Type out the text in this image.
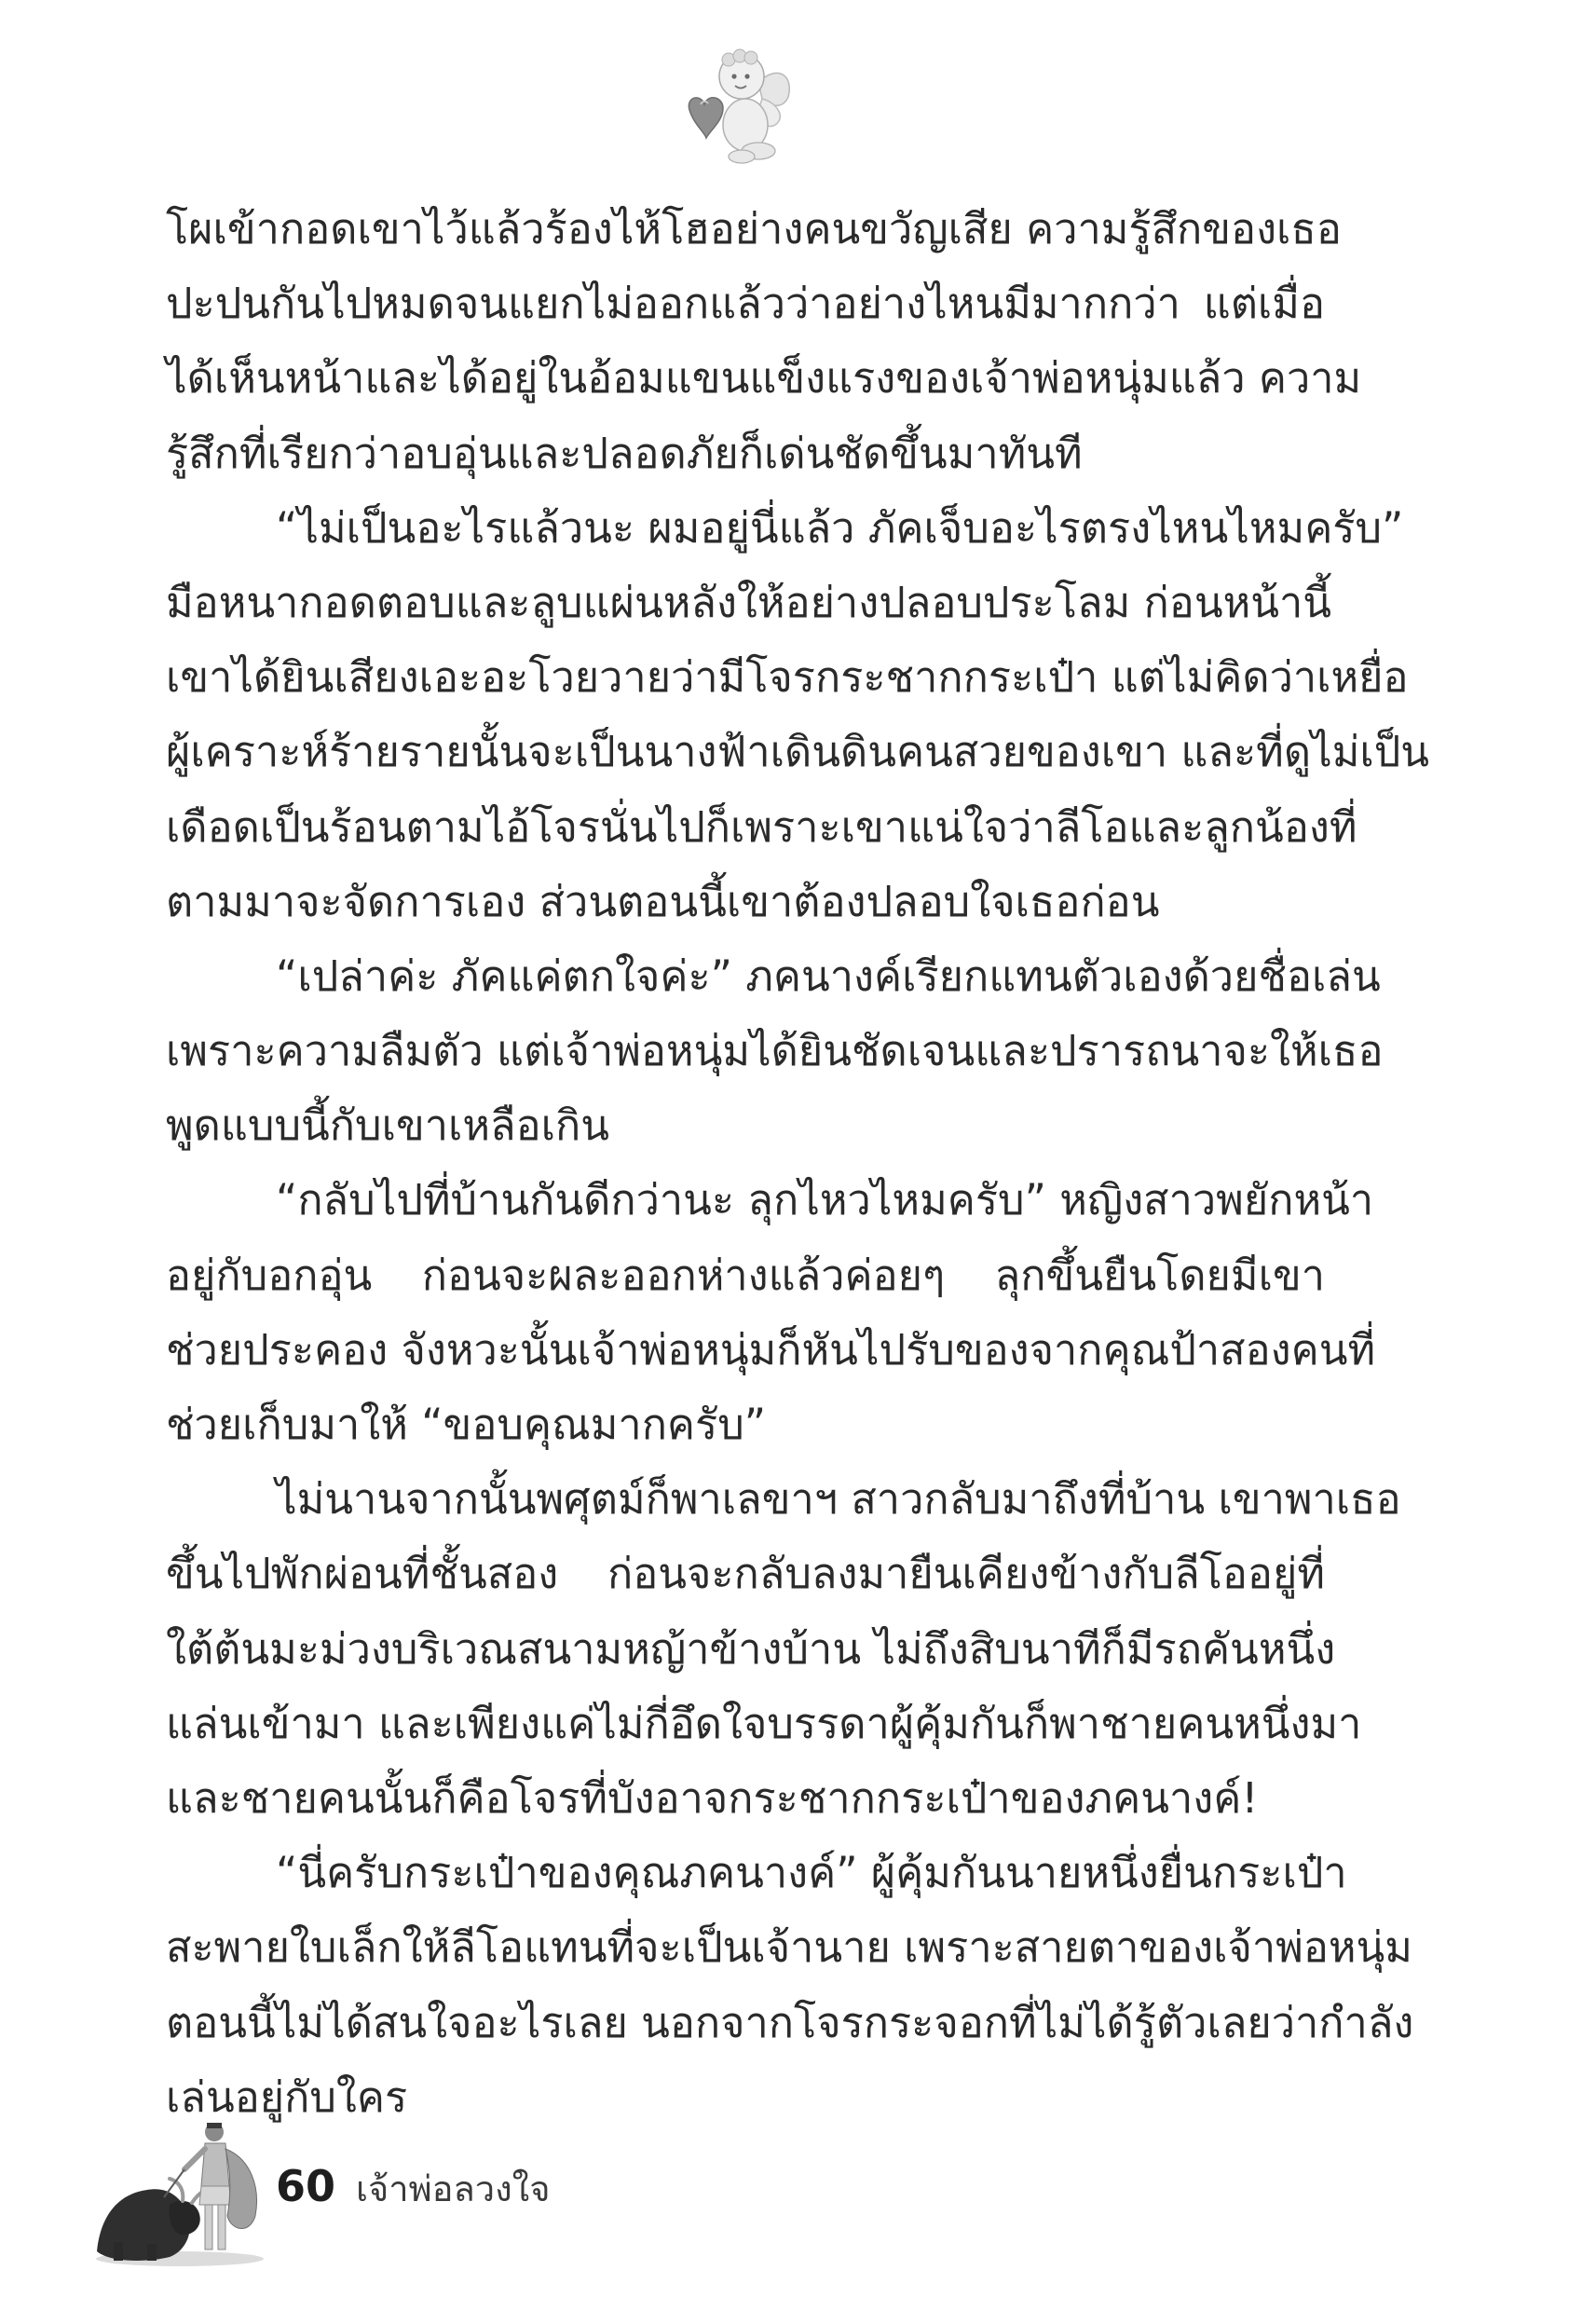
โผเข้ากอดเขาไว้แล้วร้องไห้โฮอย่างคนขวัญเสีย ความรู้สึกของเธอ
ปะปนกันไปหมดจนแยกไม่ออกแล้วว่าอย่างไหนมีมากกว่า แต่เมื่อ
ได้เห็นหน้าและได้อยู่ในอ้อมแขนแข็งแรงของเจ้าพ่อหนุ่มแล้ว ความ
รู้สึกที่เรียกว่าอบอุ่นและปลอดภัยก็เด่นชัดขึ้นมาทันที
“ไม่เป็นอะไรแล้วนะ ผมอยู่นี่แล้ว ภัคเจ็บอะไรตรงไหนไหมครับ”
มือหนากอดตอบและลูบแผ่นหลังให้อย่างปลอบประโลม ก่อนหน้านี้
เขาได้ยินเสียงเอะอะโวยวายว่ามีโจรกระชากกระเป๋า แต่ไม่คิดว่าเหยื่อ
ผู้เคราะห์ร้ายรายนั้นจะเป็นนางฟ้าเดินดินคนสวยของเขา และที่ดูไม่เป็น
เดือดเป็นร้อนตามไอ้โจรนั่นไปก็เพราะเขาแน่ใจว่าลีโอและลูกน้องที่
ตามมาจะจัดการเอง ส่วนตอนนี้เขาต้องปลอบใจเธอก่อน
“เปล่าค่ะ ภัคแค่ตกใจค่ะ” ภคนางค์เรียกแทนตัวเองด้วยชื่อเล่น
เพราะความลืมตัว แต่เจ้าพ่อหนุ่มได้ยินชัดเจนและปรารถนาจะให้เธอ
พูดแบบนี้กับเขาเหลือเกิน
“กลับไปที่บ้านกันดีกว่านะ ลุกไหวไหมครับ” หญิงสาวพยักหน้า
อยู่กับอกอุ่น ก่อนจะผละออกห่างแล้วค่อยๆ ลุกขึ้นยืนโดยมีเขา
ช่วยประคอง จังหวะนั้นเจ้าพ่อหนุ่มก็หันไปรับของจากคุณป้าสองคนที่
ช่วยเก็บมาให้ “ขอบคุณมากครับ”
ไม่นานจากนั้นพศุตม์ก็พาเลขาฯ สาวกลับมาถึงที่บ้าน เขาพาเธอ
ขึ้นไปพักผ่อนที่ชั้นสอง ก่อนจะกลับลงมายืนเคียงข้างกับลีโออยู่ที่
ใต้ต้นมะม่วงบริเวณสนามหญ้าข้างบ้าน ไม่ถึงสิบนาทีก็มีรถคันหนึ่ง
แล่นเข้ามา และเพียงแค่ไม่กี่อึดใจบรรดาผู้คุ้มกันก็พาชายคนหนึ่งมา
และชายคนนั้นก็คือโจรที่บังอาจกระชากกระเป๋าของภคนางค์!
“นี่ครับกระเป๋าของคุณภคนางค์” ผู้คุ้มกันนายหนึ่งยื่นกระเป๋า
สะพายใบเล็กให้ลีโอแทนที่จะเป็นเจ้านาย เพราะสายตาของเจ้าพ่อหนุ่ม
ตอนนี้ไม่ได้สนใจอะไรเลย นอกจากโจรกระจอกที่ไม่ได้รู้ตัวเลยว่ากำลัง
เล่นอยู่กับใคร
60 เจ้าพ่อลวงใจ
